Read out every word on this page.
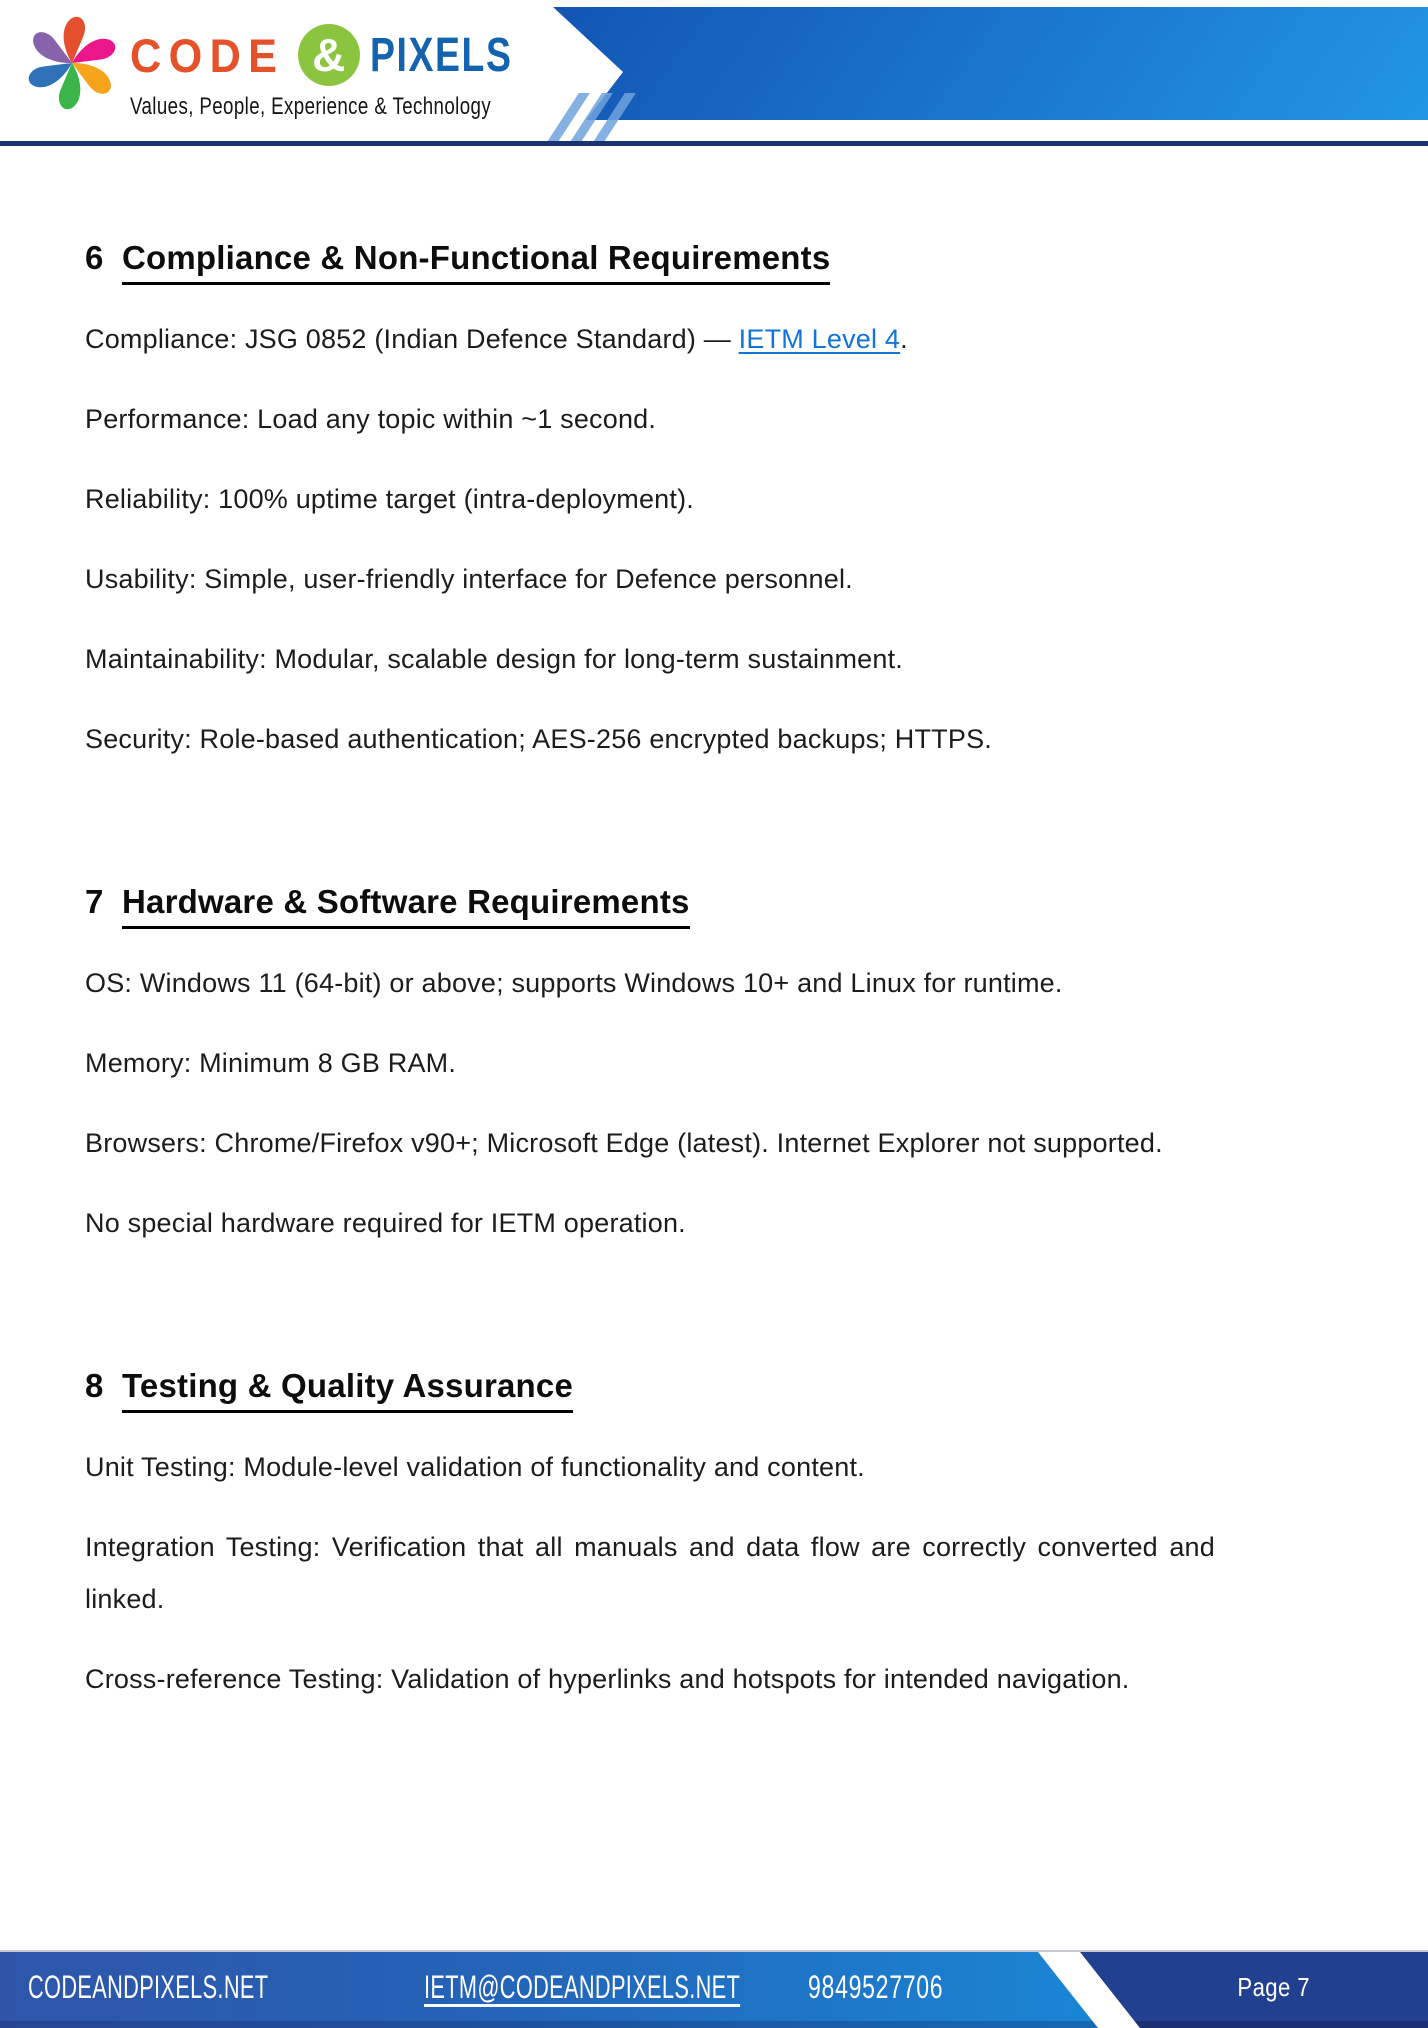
CODE & PIXELS
Values, People, Experience & Technology
6 Compliance & Non-Functional Requirements

Compliance: JSG 0852 (Indian Defence Standard) — IETM Level 4.

Performance: Load any topic within ~1 second.

Reliability: 100% uptime target (intra-deployment).

Usability: Simple, user-friendly interface for Defence personnel.

Maintainability: Modular, scalable design for long-term sustainment.

Security: Role-based authentication; AES-256 encrypted backups; HTTPS.

7 Hardware & Software Requirements

OS: Windows 11 (64-bit) or above; supports Windows 10+ and Linux for runtime.

Memory: Minimum 8 GB RAM.

Browsers: Chrome/Firefox v90+; Microsoft Edge (latest). Internet Explorer not supported.

No special hardware required for IETM operation.

8 Testing & Quality Assurance

Unit Testing: Module-level validation of functionality and content.

Integration Testing: Verification that all manuals and data flow are correctly converted and linked.

Cross-reference Testing: Validation of hyperlinks and hotspots for intended navigation.

CODEANDPIXELS.NET	IETM@CODEANDPIXELS.NET 9849527706	Page 7
